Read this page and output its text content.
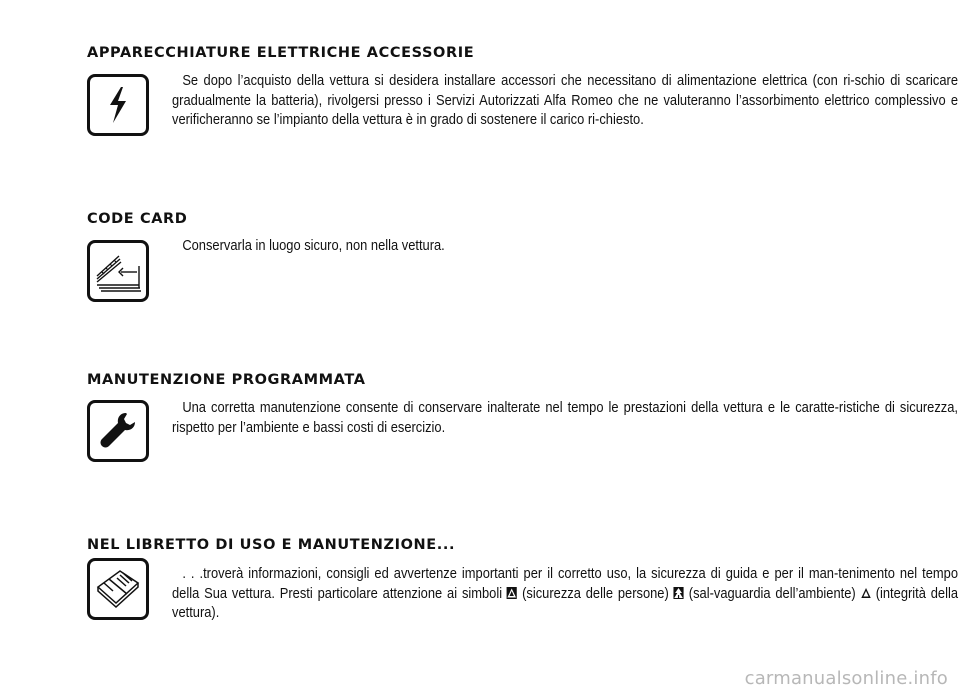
APPARECCHIATURE ELETTRICHE ACCESSORIE

Se dopo l’acquisto della vettura si desidera installare accessori che necessitano di alimentazione elettrica (con ri-schio di scaricare gradualmente la batteria), rivolgersi presso i Servizi Autorizzati Alfa Romeo che ne valuteranno l’assorbimento elettrico complessivo e verificheranno se l’impianto della vettura è in grado di sostenere il carico ri-chiesto.

CODE CARD

Conservarla in luogo sicuro, non nella vettura.

MANUTENZIONE PROGRAMMATA

Una corretta manutenzione consente di conservare inalterate nel tempo le prestazioni della vettura e le caratte-ristiche di sicurezza, rispetto per l’ambiente e bassi costi di esercizio.

NEL LIBRETTO DI USO E MANUTENZIONE...

. . .troverà informazioni, consigli ed avvertenze importanti per il corretto uso, la sicurezza di guida e per il man-tenimento nel tempo della Sua vettura. Presti particolare attenzione ai simboli (sicurezza delle persone) (sal-vaguardia dell’ambiente) (integrità della vettura).

carmanualsonline.info
